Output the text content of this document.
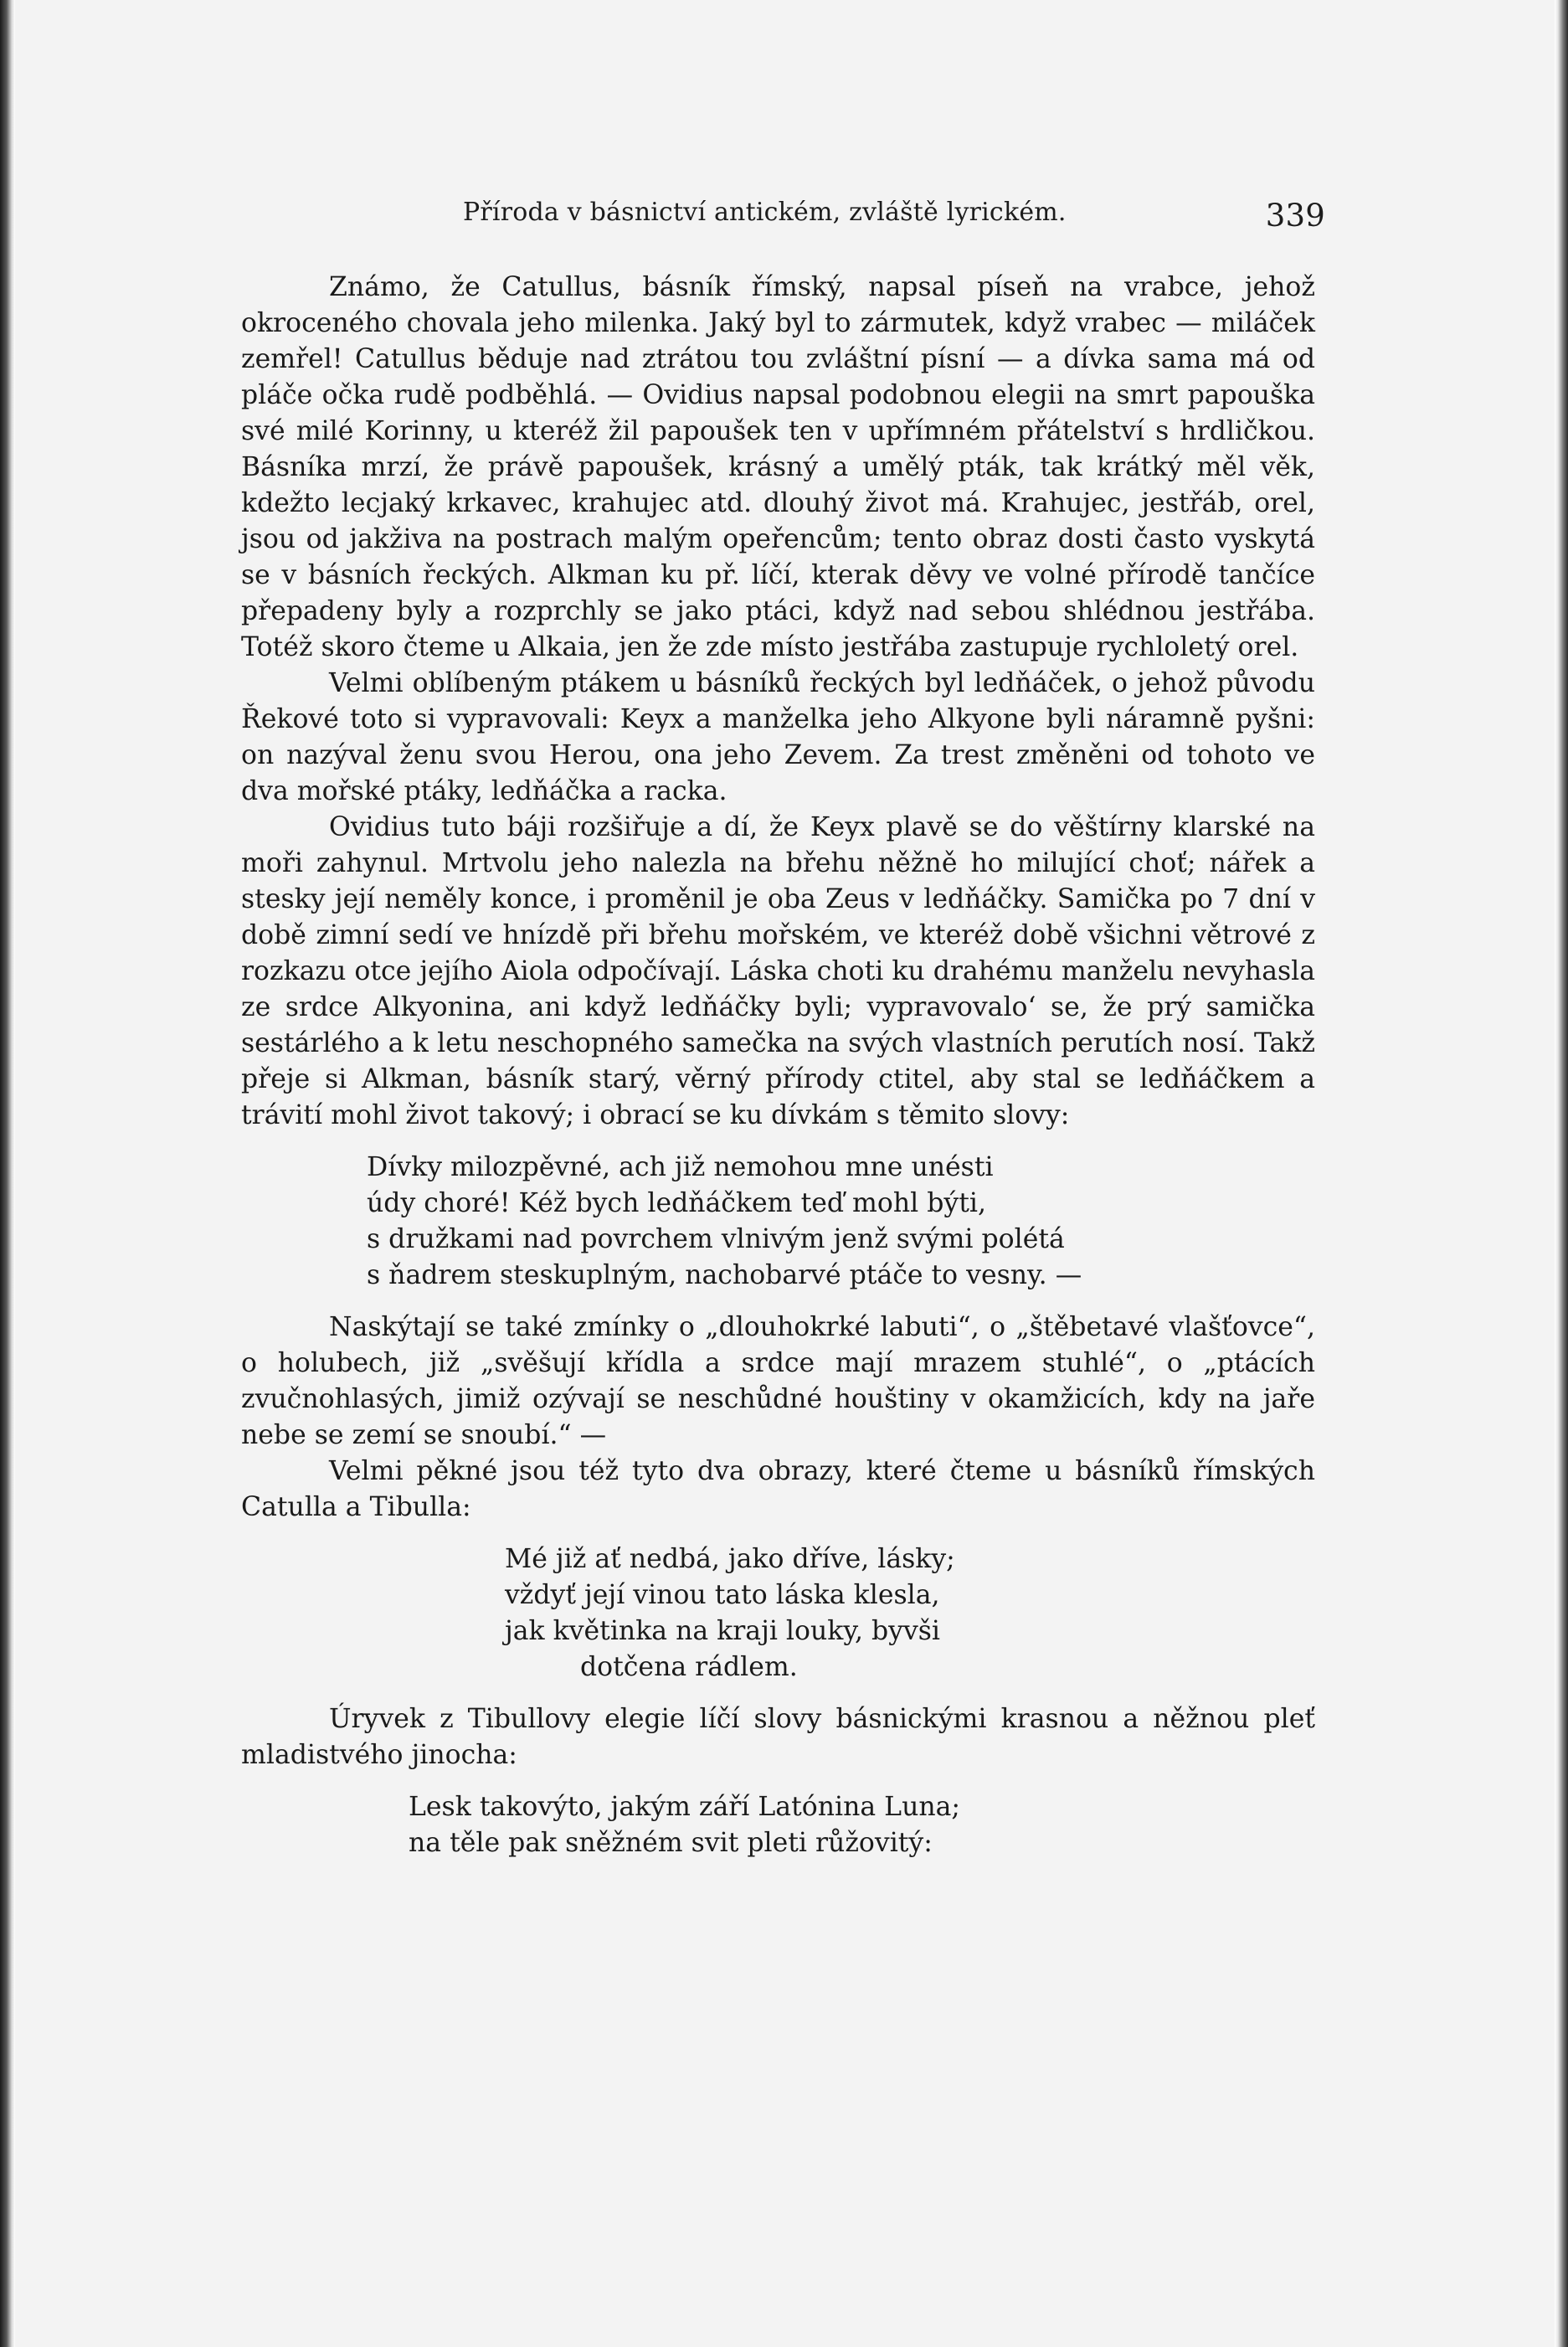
Příroda v básnictví antickém, zvláště lyrickém.	339

Známo, že Catullus, básník římský, napsal píseň na vrabce, jehož okroceného chovala jeho milenka. Jaký byl to zármutek, když vrabec — miláček zemřel! Catullus běduje nad ztrátou tou zvláštní písní — a dívka sama má od pláče očka rudě podběhlá. — Ovidius napsal podobnou elegii na smrt papouška své milé Korinny, u kteréž žil papoušek ten v upřímném přátelství s hrdličkou. Básníka mrzí, že právě papoušek, krásný a umělý pták, tak krátký měl věk, kdežto lecjaký krkavec, krahujec atd. dlouhý život má. Krahujec, jestřáb, orel, jsou od jakživa na postrach malým opeřencům; tento obraz dosti často vyskytá se v básních řeckých. Alkman ku př. líčí, kterak děvy ve volné přírodě tančíce přepadeny byly a rozprchly se jako ptáci, když nad sebou shlédnou jestřába. Totéž skoro čteme u Alkaia, jen že zde místo jestřába zastupuje rychloletý orel.

Velmi oblíbeným ptákem u básníků řeckých byl ledňáček, o jehož původu Řekové toto si vypravovali: Keyx a manželka jeho Alkyone byli náramně pyšni: on nazýval ženu svou Herou, ona jeho Zevem. Za trest změněni od tohoto ve dva mořské ptáky, ledňáčka a racka.

Ovidius tuto báji rozšiřuje a dí, že Keyx plavě se do věštírny klarské na moři zahynul. Mrtvolu jeho nalezla na břehu něžně ho milující choť; nářek a stesky její neměly konce, i proměnil je oba Zeus v ledňáčky. Samička po 7 dní v době zimní sedí ve hnízdě při břehu mořském, ve kteréž době všichni větrové z rozkazu otce jejího Aiola odpočívají. Láska choti ku drahému manželu nevyhasla ze srdce Alkyonina, ani když ledňáčky byli; vypravovalo‘ se, že prý samička sestárlého a k letu neschopného samečka na svých vlastních perutích nosí. Takž přeje si Alkman, básník starý, věrný přírody ctitel, aby stal se ledňáčkem a trávití mohl život takový; i obrací se ku dívkám s těmito slovy:

Dívky milozpěvné, ach již nemohou mne unésti
údy choré! Kéž bych ledňáčkem teď mohl býti,
s družkami nad povrchem vlnivým jenž svými polétá
s ňadrem steskuplným, nachobarvé ptáče to vesny. —

Naskýtají se také zmínky o „dlouhokrké labuti“, o „štěbetavé vlašťovce“, o holubech, již „svěšují křídla a srdce mají mrazem stuhlé“, o „ptácích zvučnohlasých, jimiž ozývají se neschůdné houštiny v okamžicích, kdy na jaře nebe se zemí se snoubí.“ —

Velmi pěkné jsou též tyto dva obrazy, které čteme u básníků římských Catulla a Tibulla:

Mé již ať nedbá, jako dříve, lásky;
vždyť její vinou tato láska klesla,
jak květinka na kraji louky, byvši
dotčena rádlem.

Úryvek z Tibullovy elegie líčí slovy básnickými krasnou a něžnou pleť mladistvého jinocha:

Lesk takovýto, jakým září Latónina Luna;
na těle pak sněžném svit pleti růžovitý:
